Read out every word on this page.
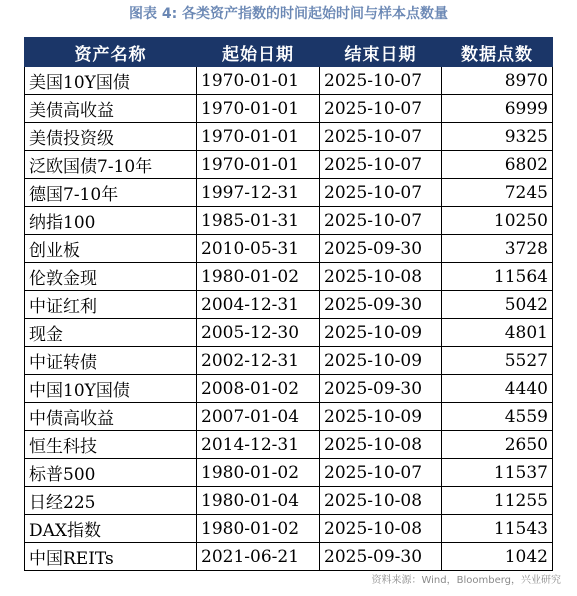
图表 4: 各类资产指数的时间起始时间与样本点数量
资产名称	起始日期	结束日期	数据点数
美国10Y国债	1970-01-01	2025-10-07	8970
美债高收益	1970-01-01	2025-10-07	6999
美债投资级	1970-01-01	2025-10-07	9325
泛欧国债7-10年	1970-01-01	2025-10-07	6802
德国7-10年	1997-12-31	2025-10-07	7245
纳指100	1985-01-31	2025-10-07	10250
创业板	2010-05-31	2025-09-30	3728
伦敦金现	1980-01-02	2025-10-08	11564
中证红利	2004-12-31	2025-09-30	5042
现金	2005-12-30	2025-10-09	4801
中证转债	2002-12-31	2025-10-09	5527
中国10Y国债	2008-01-02	2025-09-30	4440
中债高收益	2007-01-04	2025-10-09	4559
恒生科技	2014-12-31	2025-10-08	2650
标普500	1980-01-02	2025-10-07	11537
日经225	1980-01-04	2025-10-08	11255
DAX指数	1980-01-02	2025-10-08	11543
中国REITs	2021-06-21	2025-09-30	1042
资料来源：Wind，Bloomberg，兴业研究
